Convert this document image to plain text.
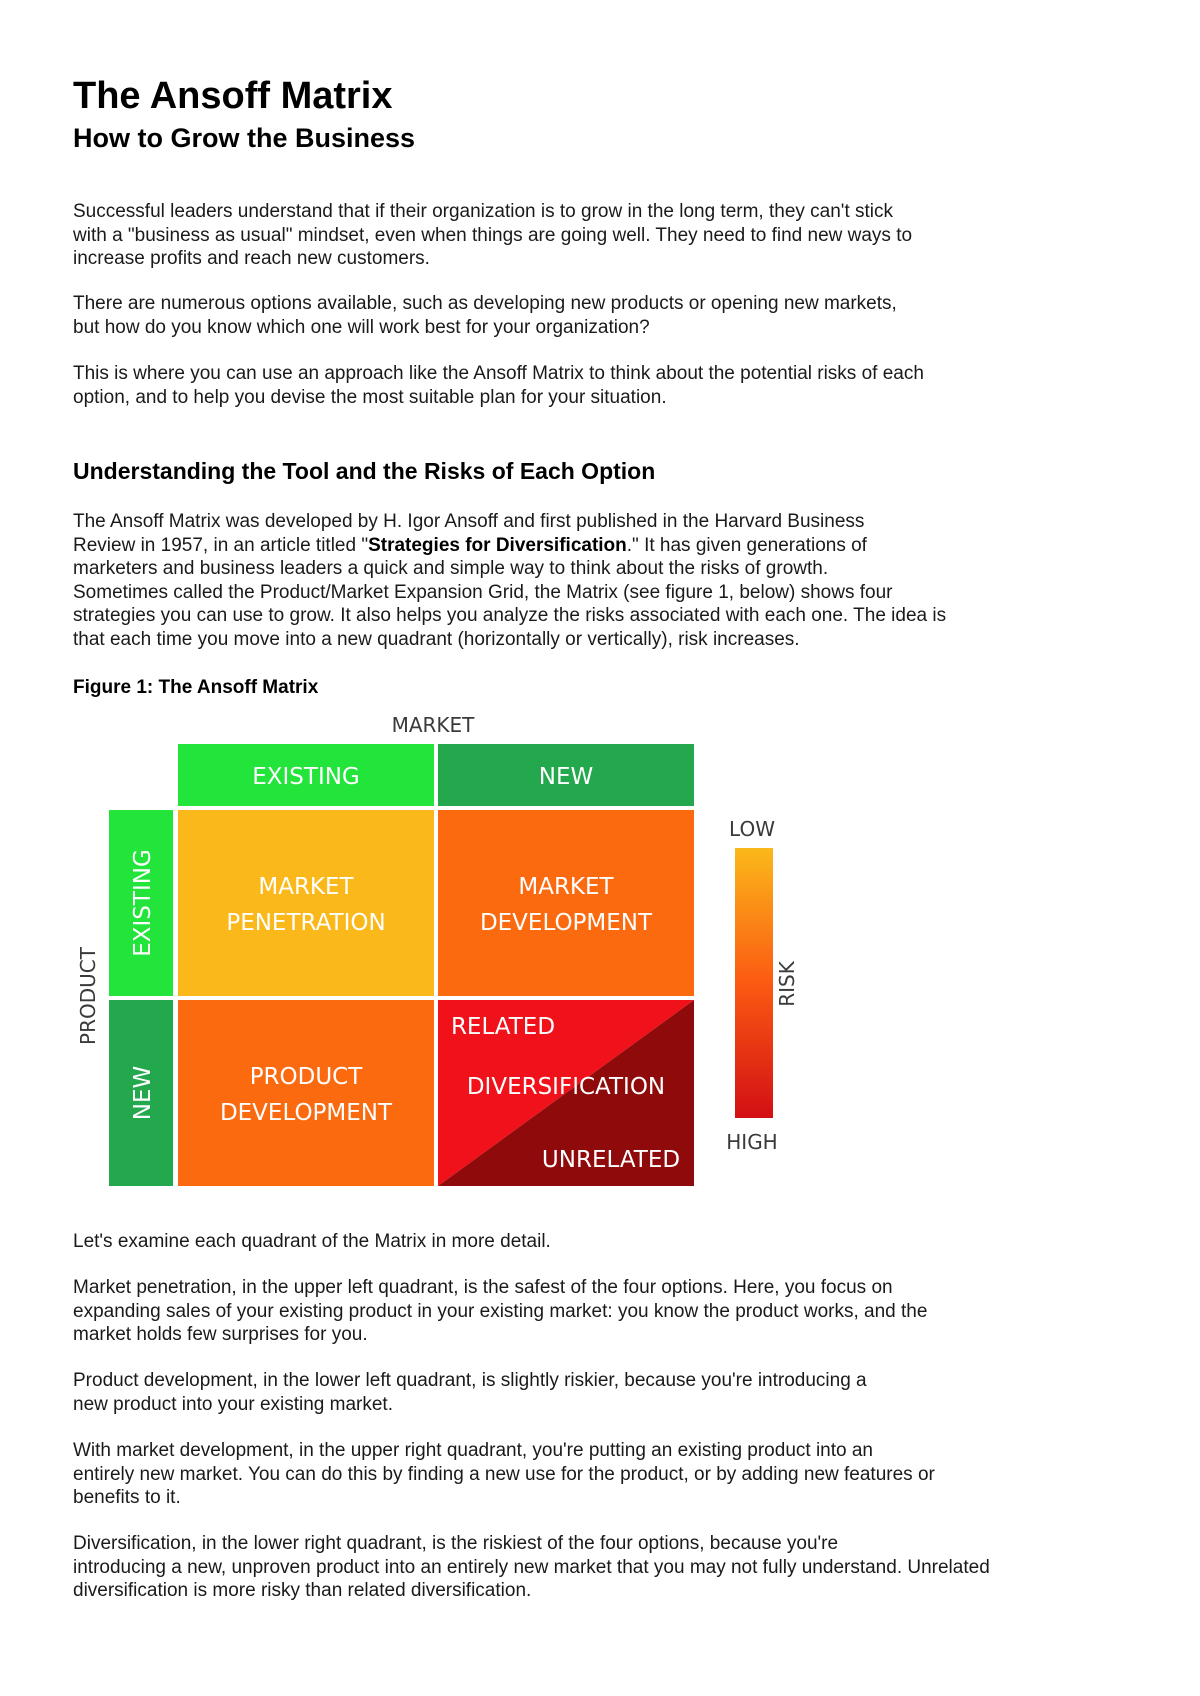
The Ansoff Matrix
How to Grow the Business

Successful leaders understand that if their organization is to grow in the long term, they can't stick
with a "business as usual" mindset, even when things are going well. They need to find new ways to
increase profits and reach new customers.

There are numerous options available, such as developing new products or opening new markets,
but how do you know which one will work best for your organization?

This is where you can use an approach like the Ansoff Matrix to think about the potential risks of each
option, and to help you devise the most suitable plan for your situation.

Understanding the Tool and the Risks of Each Option

The Ansoff Matrix was developed by H. Igor Ansoff and first published in the Harvard Business
Review in 1957, in an article titled "Strategies for Diversification." It has given generations of
marketers and business leaders a quick and simple way to think about the risks of growth.
Sometimes called the Product/Market Expansion Grid, the Matrix (see figure 1, below) shows four
strategies you can use to grow. It also helps you analyze the risks associated with each one. The idea is
that each time you move into a new quadrant (horizontally or vertically), risk increases.

Figure 1: The Ansoff Matrix

MARKET
EXISTING	NEW
PRODUCT
EXISTING
NEW
MARKET
PENETRATION
MARKET
DEVELOPMENT
PRODUCT
DEVELOPMENT
RELATED
DIVERSIFICATION
UNRELATED
LOW
RISK
HIGH

Let's examine each quadrant of the Matrix in more detail.

Market penetration, in the upper left quadrant, is the safest of the four options. Here, you focus on
expanding sales of your existing product in your existing market: you know the product works, and the
market holds few surprises for you.

Product development, in the lower left quadrant, is slightly riskier, because you're introducing a
new product into your existing market.

With market development, in the upper right quadrant, you're putting an existing product into an
entirely new market. You can do this by finding a new use for the product, or by adding new features or
benefits to it.

Diversification, in the lower right quadrant, is the riskiest of the four options, because you're
introducing a new, unproven product into an entirely new market that you may not fully understand. Unrelated
diversification is more risky than related diversification.
